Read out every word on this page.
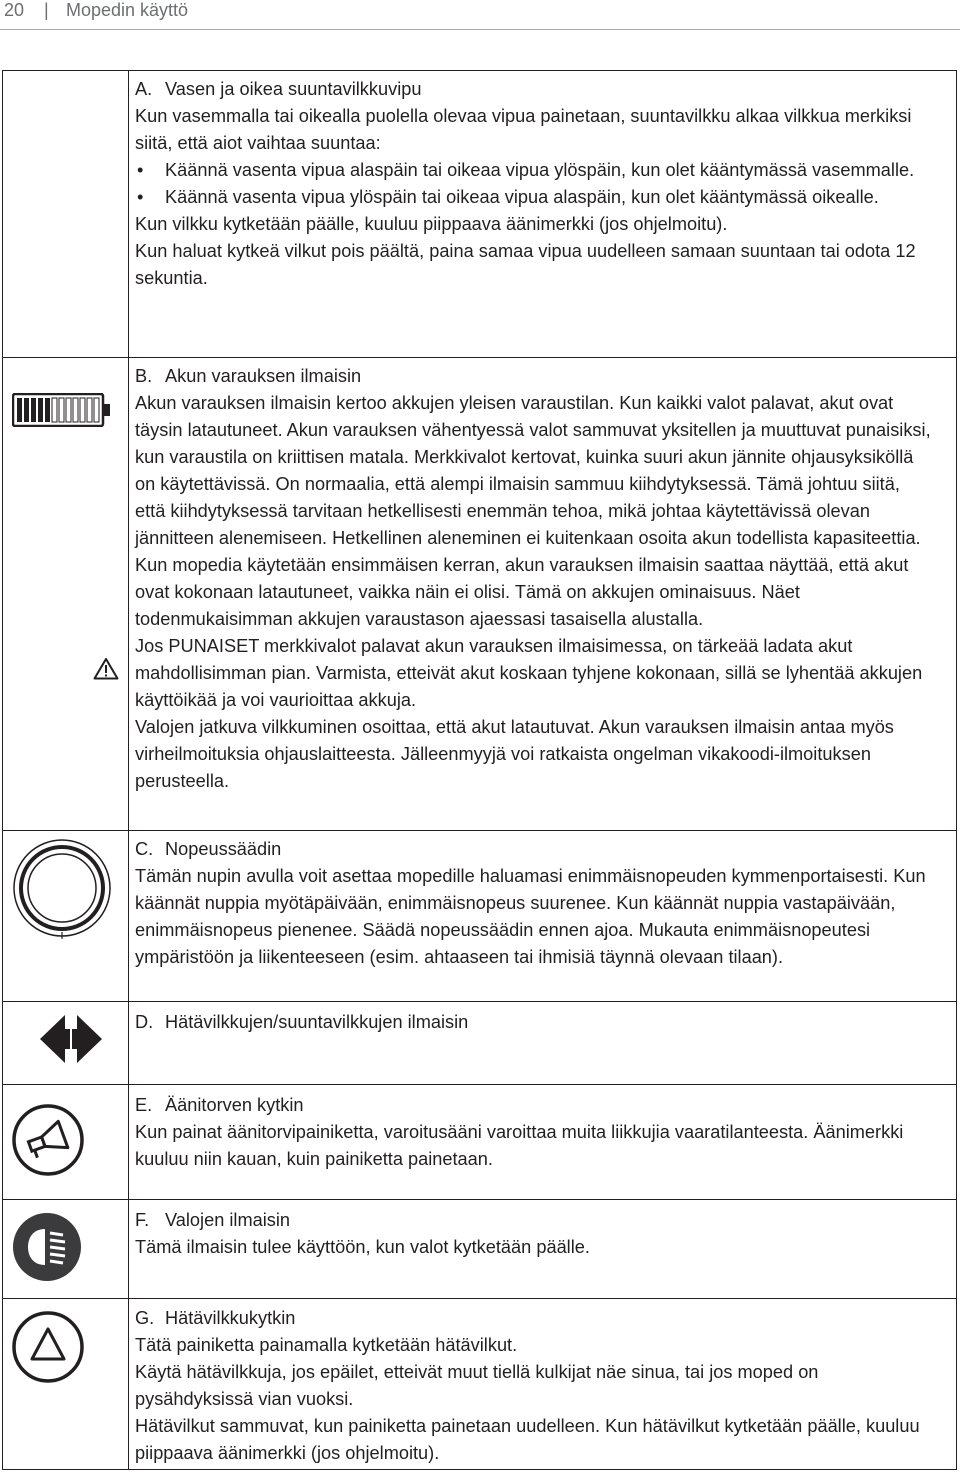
20 | Mopedin käyttö

A. Vasen ja oikea suuntavilkkuvipu

Kun vasemmalla tai oikealla puolella olevaa vipua painetaan, suuntavilkku alkaa vilkkua merkiksi siitä, että aiot vaihtaa suuntaa:

• Käännä vasenta vipua alaspäin tai oikeaa vipua ylöspäin, kun olet kääntymässä vasemmalle.
• Käännä vasenta vipua ylöspäin tai oikeaa vipua alaspäin, kun olet kääntymässä oikealle.

Kun vilkku kytketään päälle, kuuluu piippaava äänimerkki (jos ohjelmoitu).

Kun haluat kytkeä vilkut pois päältä, paina samaa vipua uudelleen samaan suuntaan tai odota 12 sekuntia.

B. Akun varauksen ilmaisin

Akun varauksen ilmaisin kertoo akkujen yleisen varaustilan. Kun kaikki valot palavat, akut ovat täysin latautuneet. Akun varauksen vähentyessä valot sammuvat yksitellen ja muuttuvat punaisiksi, kun varaustila on kriittisen matala. Merkkivalot kertovat, kuinka suuri akun jännite ohjausyksiköllä on käytettävissä. On normaalia, että alempi ilmaisin sammuu kiihdytyksessä. Tämä johtuu siitä, että kiihdytyksessä tarvitaan hetkellisesti enemmän tehoa, mikä johtaa käytettävissä olevan jännitteen alenemiseen. Hetkellinen aleneminen ei kuitenkaan osoita akun todellista kapasiteettia. Kun mopedia käytetään ensimmäisen kerran, akun varauksen ilmaisin saattaa näyttää, että akut ovat kokonaan latautuneet, vaikka näin ei olisi. Tämä on akkujen ominaisuus. Näet todenmukaisimman akkujen varaustason ajaessasi tasaisella alustalla.

Jos PUNAISET merkkivalot palavat akun varauksen ilmaisimessa, on tärkeää ladata akut mahdollisimman pian. Varmista, etteivät akut koskaan tyhjene kokonaan, sillä se lyhentää akkujen käyttöikää ja voi vaurioittaa akkuja.

Valojen jatkuva vilkkuminen osoittaa, että akut latautuvat. Akun varauksen ilmaisin antaa myös virheilmoituksia ohjauslaitteesta. Jälleenmyyjä voi ratkaista ongelman vikakoodi-ilmoituksen perusteella.

C. Nopeussäädin

Tämän nupin avulla voit asettaa mopedille haluamasi enimmäisnopeuden kymmenportaisesti. Kun käännät nuppia myötäpäivään, enimmäisnopeus suurenee. Kun käännät nuppia vastapäivään, enimmäisnopeus pienenee. Säädä nopeussäädin ennen ajoa. Mukauta enimmäisnopeutesi ympäristöön ja liikenteeseen (esim. ahtaaseen tai ihmisiä täynnä olevaan tilaan).

D. Hätävilkkujen/suuntavilkkujen ilmaisin

E. Äänitorven kytkin

Kun painat äänitorvipainiketta, varoitusääni varoittaa muita liikkujia vaaratilanteesta. Äänimerkki kuuluu niin kauan, kuin painiketta painetaan.

F. Valojen ilmaisin

Tämä ilmaisin tulee käyttöön, kun valot kytketään päälle.

G. Hätävilkkukytkin

Tätä painiketta painamalla kytketään hätävilkut.

Käytä hätävilkkuja, jos epäilet, etteivät muut tiellä kulkijat näe sinua, tai jos moped on pysähdyksissä vian vuoksi.

Hätävilkut sammuvat, kun painiketta painetaan uudelleen. Kun hätävilkut kytketään päälle, kuuluu piippaava äänimerkki (jos ohjelmoitu).
